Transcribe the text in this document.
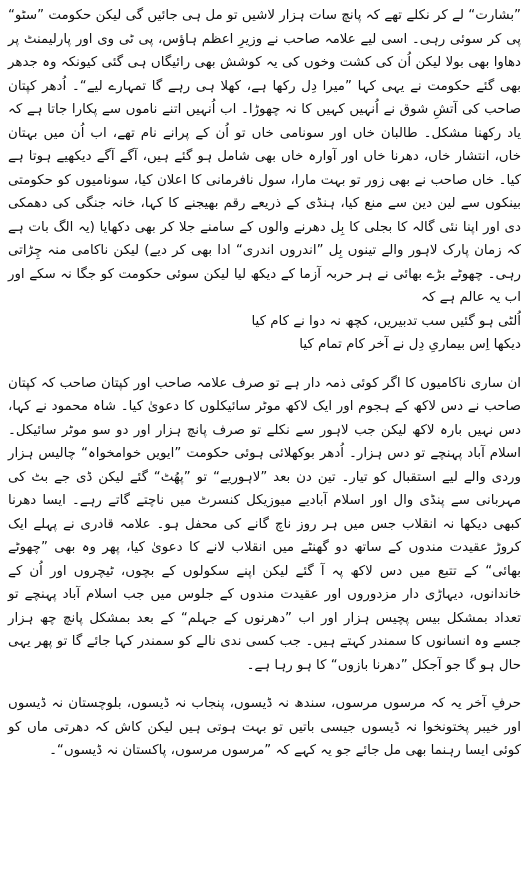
”بشارت“ لے کر نکلے تھے کہ پانچ سات ہزار لاشیں تو مل ہی جائیں گی لیکن حکومت ”سٹو“ پی کر سوئی رہی۔ اسی لیے علامہ صاحب نے وزیرِ اعظم ہاؤس، پی ٹی وی اور پارلیمنٹ پر دھاوا بھی بولا لیکن اُن کی کشت وخوں کی یہ کوشش بھی رائیگاں ہی گئی کیونکہ وہ جدھر بھی گئے حکومت نے یہی کہا ”میرا دِل رکھا ہے، کھلا ہی رہے گا تمہارے لیے“۔ اُدھر کپتان صاحب کی آتشِ شوق نے اُنہیں کہیں کا نہ چھوڑا۔ اب اُنہیں اتنے ناموں سے پکارا جاتا ہے کہ یاد رکھنا مشکل۔ طالبان خاں اور سونامی خاں تو اُن کے پرانے نام تھے، اب اُن میں بہتان خاں، انتشار خاں، دھرنا خاں اور آوارہ خاں بھی شامل ہو گئے ہیں، آگے آگے دیکھیے ہوتا ہے کیا۔ خاں صاحب نے بھی زور تو بہت مارا، سول نافرمانی کا اعلان کیا، سونامیوں کو حکومتی بینکوں سے لین دین سے منع کیا، ہنڈی کے ذریعے رقم بھیجنے کا کہا، خانہ جنگی کی دھمکی دی اور اپنا نئی گالہ کا بجلی کا بِل دھرنے والوں کے سامنے جلا کر بھی دکھایا (یہ الگ بات ہے کہ زمان پارک لاہور والے تینوں بِل ”اندروں اندری“ ادا بھی کر دیے) لیکن ناکامی منہ چِڑاتی رہی۔ چھوٹے بڑے بھائی نے ہر حربہ آزما کے دیکھ لیا لیکن سوئی حکومت کو جگا نہ سکے اور اب یہ عالم ہے کہ

اُلٹی ہو گئیں سب تدبیریں، کچھ نہ دوا نے کام کیا

دیکھا اِس بیماریِ دِل نے آخر کام تمام کیا

ان ساری ناکامیوں کا اگر کوئی ذمہ دار ہے تو صرف علامہ صاحب اور کپتان صاحب کہ کپتان صاحب نے دس لاکھ کے ہجوم اور ایک لاکھ موٹر سائیکلوں کا دعویٰ کیا۔ شاہ محمود نے کہا، دس نہیں بارہ لاکھ لیکن جب لاہور سے نکلے تو صرف پانچ ہزار اور دو سو موٹر سائیکل۔ اسلام آباد پہنچے تو دس ہزار۔ اُدھر بوکھلائی ہوئی حکومت ”ایویں خوامخواہ“ چالیس ہزار وردی والے لیے استقبال کو تیار۔ تین دن بعد ”لاہوریے“ تو ”پھُٹ“ گئے لیکن ڈی جے بٹ کی مہربانی سے پنڈی وال اور اسلام آبادیے میوزیکل کنسرٹ میں ناچتے گاتے رہے۔ ایسا دھرنا کبھی دیکھا نہ انقلاب جس میں ہر روز ناچ گانے کی محفل ہو۔ علامہ قادری نے پہلے ایک کروڑ عقیدت مندوں کے ساتھ دو گھنٹے میں انقلاب لانے کا دعویٰ کیا، پھر وہ بھی ”چھوٹے بھائی“ کے تتبع میں دس لاکھ پہ آ گئے لیکن اپنے سکولوں کے بچوں، ٹیچروں اور اُن کے خاندانوں، دیہاڑی دار مزدوروں اور عقیدت مندوں کے جلوس میں جب اسلام آباد پہنچے تو تعداد بمشکل بیس پچیس ہزار اور اب ”دھرنوں کے جہلم“ کے بعد بمشکل پانچ چھ ہزار جسے وہ انسانوں کا سمندر کہتے ہیں۔ جب کسی ندی نالے کو سمندر کہا جائے گا تو پھر یہی حال ہو گا جو آجکل ”دھرنا بازوں“ کا ہو رہا ہے۔

حرفِ آخر یہ کہ مرسوں مرسوں، سندھ نہ ڈیسوں، پنجاب نہ ڈیسوں، بلوچستان نہ ڈیسوں اور خیبر پختونخوا نہ ڈیسوں جیسی باتیں تو بہت ہوتی ہیں لیکن کاش کہ دھرتی ماں کو کوئی ایسا رہنما بھی مل جائے جو یہ کہے کہ ”مرسوں مرسوں، پاکستان نہ ڈیسوں“۔
